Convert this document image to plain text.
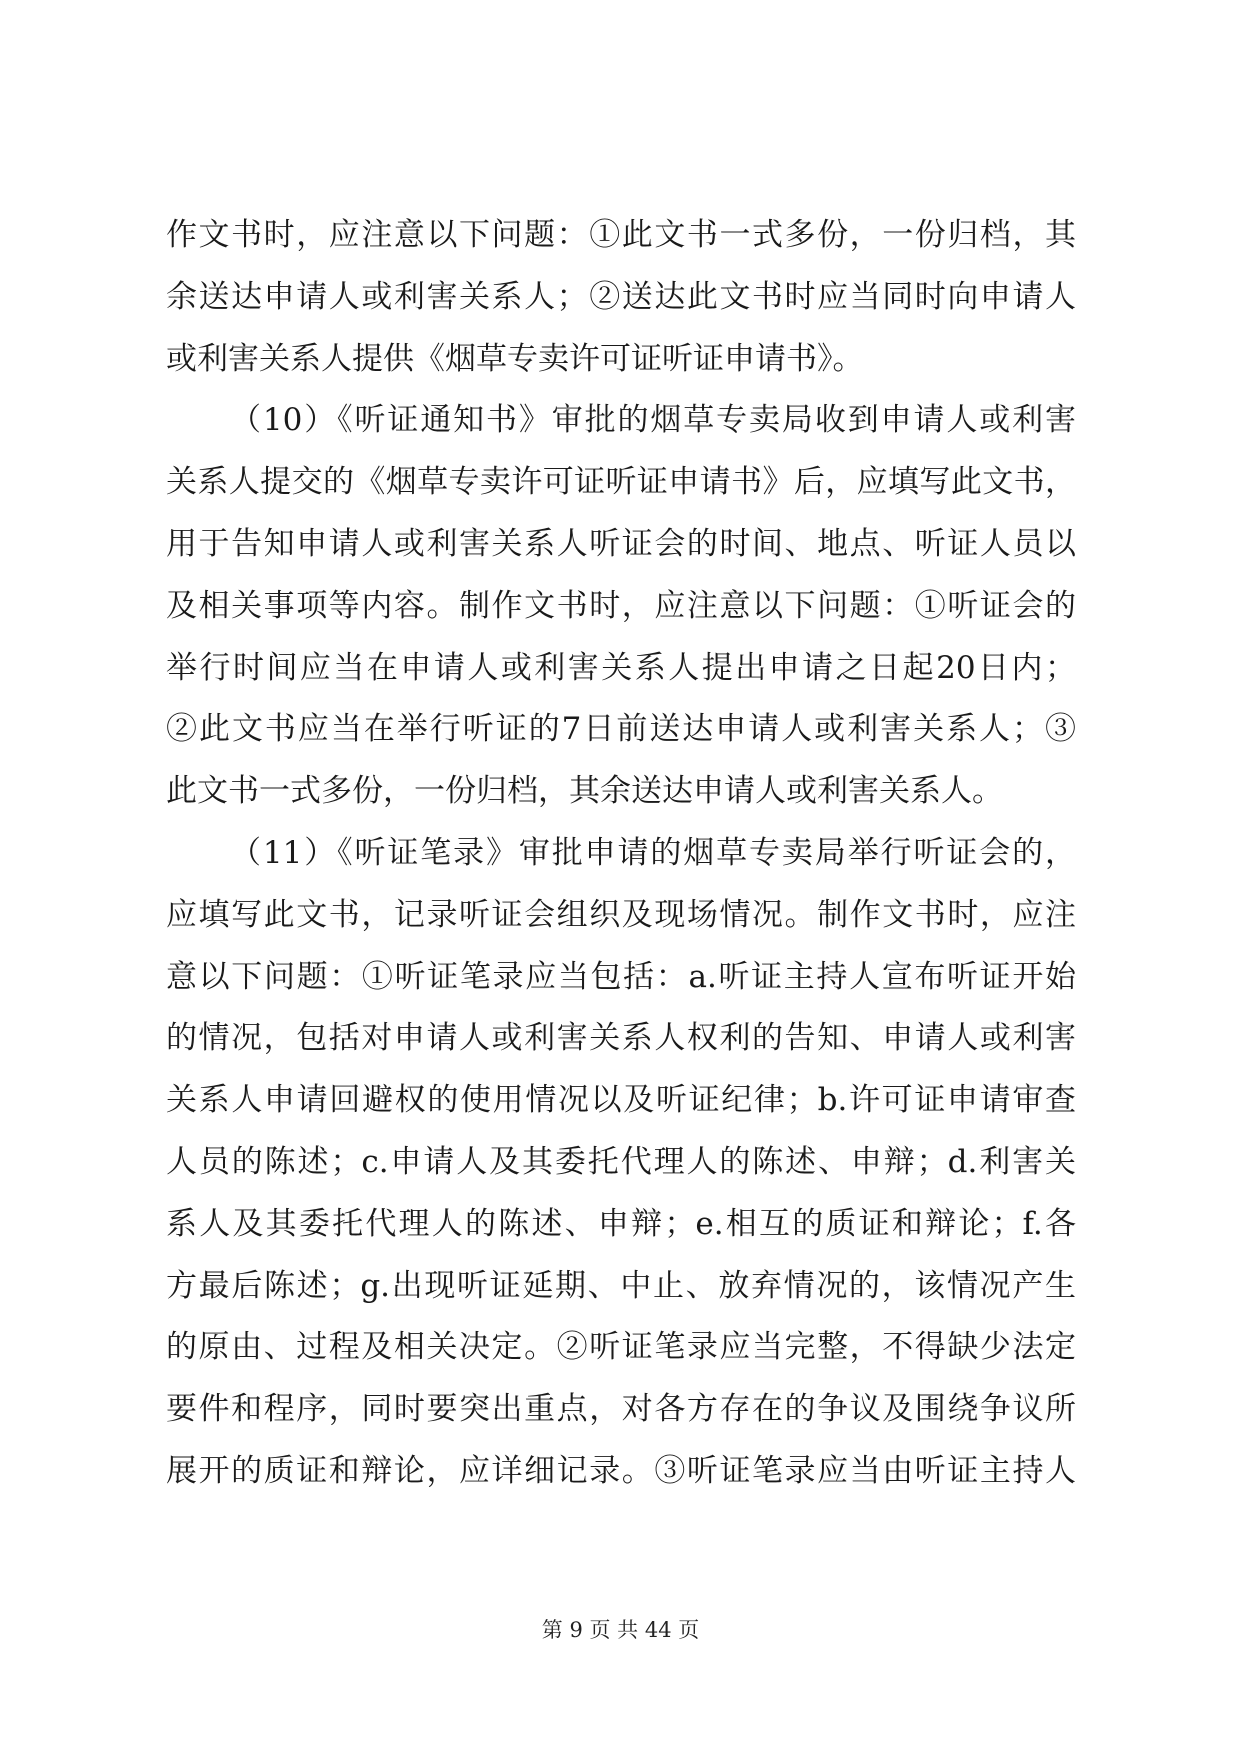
作文书时，应注意以下问题：①此文书一式多份，一份归档，其
余送达申请人或利害关系人；②送达此文书时应当同时向申请人
或利害关系人提供《烟草专卖许可证听证申请书》。
（10）《听证通知书》审批的烟草专卖局收到申请人或利害
关系人提交的《烟草专卖许可证听证申请书》后，应填写此文书，
用于告知申请人或利害关系人听证会的时间、地点、听证人员以
及相关事项等内容。制作文书时，应注意以下问题：①听证会的
举行时间应当在申请人或利害关系人提出申请之日起20日内；
②此文书应当在举行听证的7日前送达申请人或利害关系人；③
此文书一式多份，一份归档，其余送达申请人或利害关系人。
（11）《听证笔录》审批申请的烟草专卖局举行听证会的，
应填写此文书，记录听证会组织及现场情况。制作文书时，应注
意以下问题：①听证笔录应当包括：a.听证主持人宣布听证开始
的情况，包括对申请人或利害关系人权利的告知、申请人或利害
关系人申请回避权的使用情况以及听证纪律；b.许可证申请审查
人员的陈述；c.申请人及其委托代理人的陈述、申辩；d.利害关
系人及其委托代理人的陈述、申辩；e.相互的质证和辩论；f.各
方最后陈述；g.出现听证延期、中止、放弃情况的，该情况产生
的原由、过程及相关决定。②听证笔录应当完整，不得缺少法定
要件和程序，同时要突出重点，对各方存在的争议及围绕争议所
展开的质证和辩论，应详细记录。③听证笔录应当由听证主持人
第 9 页 共 44 页
